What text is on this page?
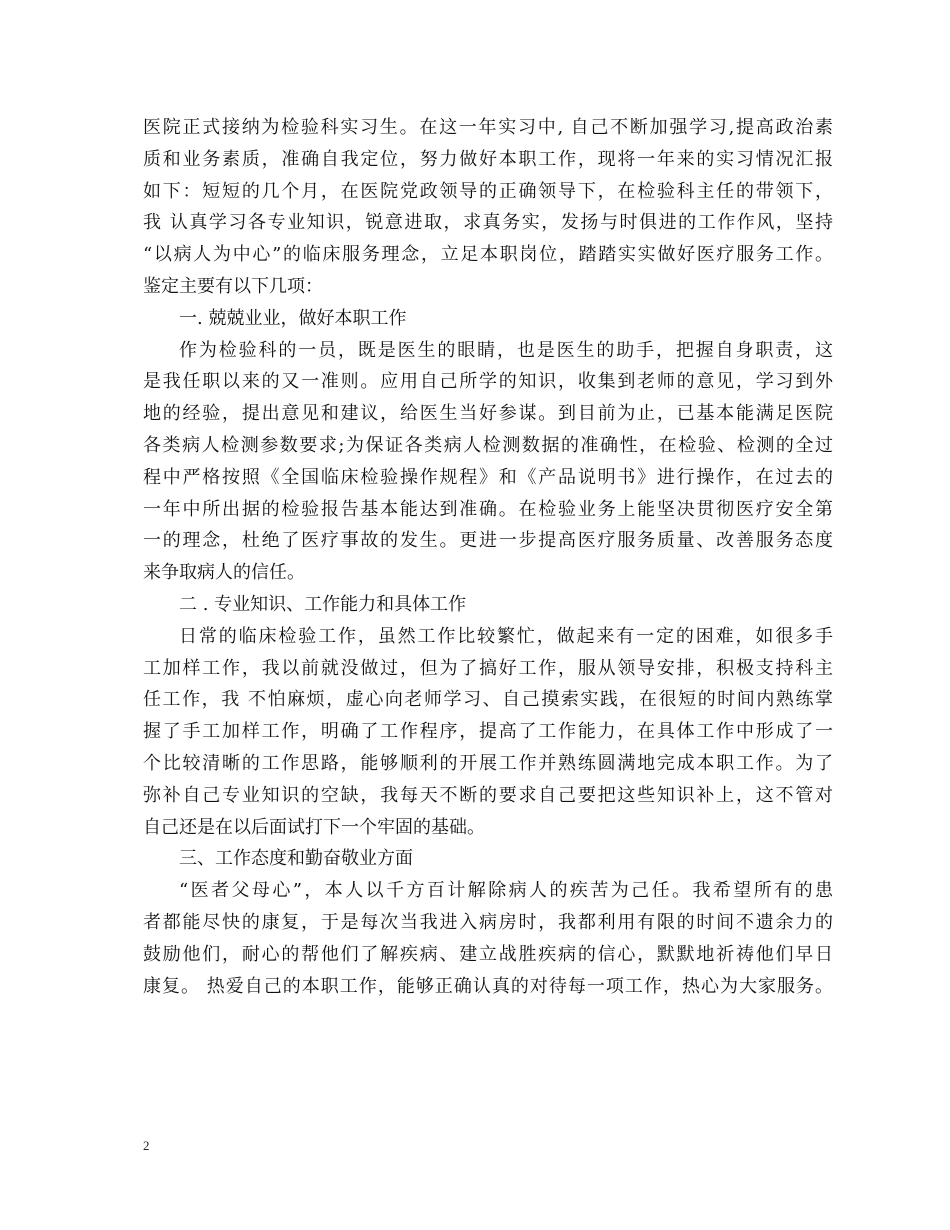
医院正式接纳为检验科实习生。在这一年实习中, 自己不断加强学习,提高政治素
质和业务素质，准确自我定位，努力做好本职工作，现将一年来的实习情况汇报
如下：短短的几个月，在医院党政领导的正确领导下，在检验科主任的带领下，
我 认真学习各专业知识，锐意进取，求真务实，发扬与时俱进的工作作风，坚持
“以病人为中心”的临床服务理念，立足本职岗位，踏踏实实做好医疗服务工作。
鉴定主要有以下几项：
一. 兢兢业业，做好本职工作
作为检验科的一员，既是医生的眼睛，也是医生的助手，把握自身职责，这
是我任职以来的又一准则。应用自己所学的知识，收集到老师的意见，学习到外
地的经验，提出意见和建议，给医生当好参谋。到目前为止，已基本能满足医院
各类病人检测参数要求;为保证各类病人检测数据的准确性，在检验、检测的全过
程中严格按照《全国临床检验操作规程》和《产品说明书》进行操作，在过去的
一年中所出据的检验报告基本能达到准确。在检验业务上能坚决贯彻医疗安全第
一的理念，杜绝了医疗事故的发生。更进一步提高医疗服务质量、改善服务态度
来争取病人的信任。
二 . 专业知识、工作能力和具体工作
日常的临床检验工作，虽然工作比较繁忙，做起来有一定的困难，如很多手
工加样工作，我以前就没做过，但为了搞好工作，服从领导安排，积极支持科主
任工作，我 不怕麻烦，虚心向老师学习、自己摸索实践，在很短的时间内熟练掌
握了手工加样工作，明确了工作程序，提高了工作能力，在具体工作中形成了一
个比较清晰的工作思路，能够顺利的开展工作并熟练圆满地完成本职工作。为了
弥补自己专业知识的空缺，我每天不断的要求自己要把这些知识补上，这不管对
自己还是在以后面试打下一个牢固的基础。
三、工作态度和勤奋敬业方面
“医者父母心”，本人以千方百计解除病人的疾苦为己任。我希望所有的患
者都能尽快的康复，于是每次当我进入病房时，我都利用有限的时间不遗余力的
鼓励他们，耐心的帮他们了解疾病、建立战胜疾病的信心，默默地祈祷他们早日
康复。 热爱自己的本职工作，能够正确认真的对待每一项工作，热心为大家服务。
2
